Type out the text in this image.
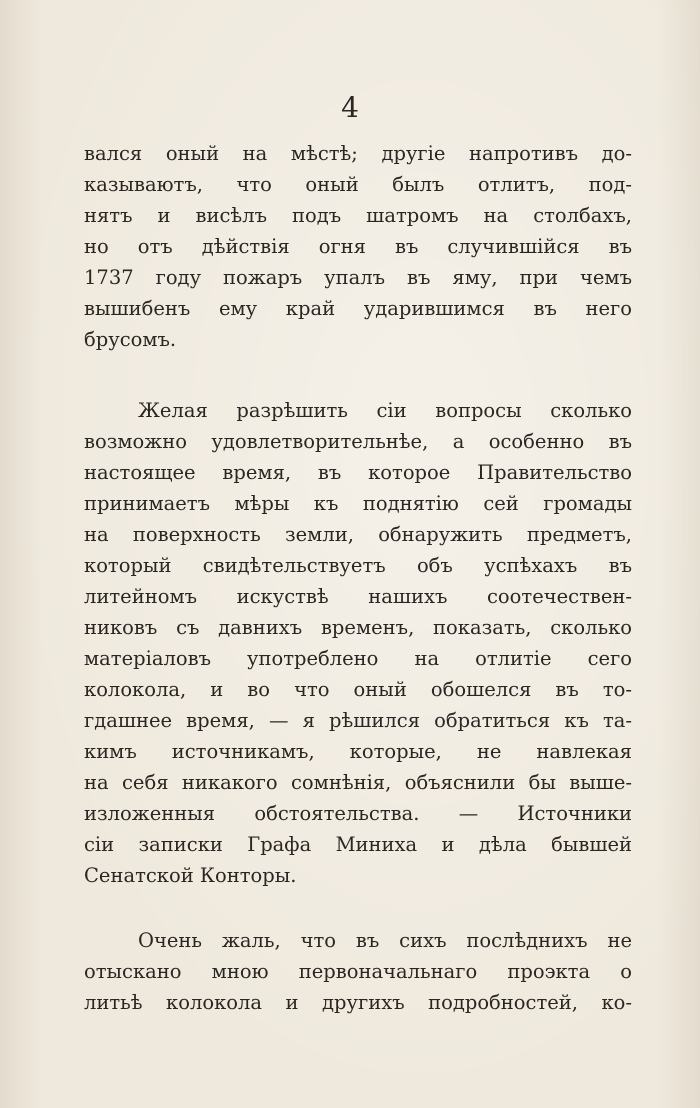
4
вался оный на мѣстѣ; другіе напротивъ до-
казываютъ, что оный былъ отлитъ, под-
нятъ и висѣлъ подъ шатромъ на столбахъ,
но отъ дѣйствія огня въ случившійся въ
1737 году пожаръ упалъ въ яму, при чемъ
вышибенъ ему край ударившимся въ него
брусомъ.
Желая разрѣшить сіи вопросы сколько
возможно удовлетворительнѣе, а особенно въ
настоящее время, въ которое Правительство
принимаетъ мѣры къ поднятію сей громады
на поверхность земли, обнаружить предметъ,
который свидѣтельствуетъ объ успѣхахъ въ
литейномъ искуствѣ нашихъ соотечествен-
никовъ съ давнихъ временъ, показать, сколько
матеріаловъ употреблено на отлитіе сего
колокола, и во что оный обошелся въ то-
гдашнее время, — я рѣшился обратиться къ та-
кимъ источникамъ, которые, не навлекая
на себя никакого сомнѣнія, объяснили бы выше-
изложенныя обстоятельства. — Источники
сіи записки Графа Миниха и дѣла бывшей
Сенатской Конторы.
Очень жаль, что въ сихъ послѣднихъ не
отыскано мною первоначальнаго проэкта о
литьѣ колокола и другихъ подробностей, ко-
